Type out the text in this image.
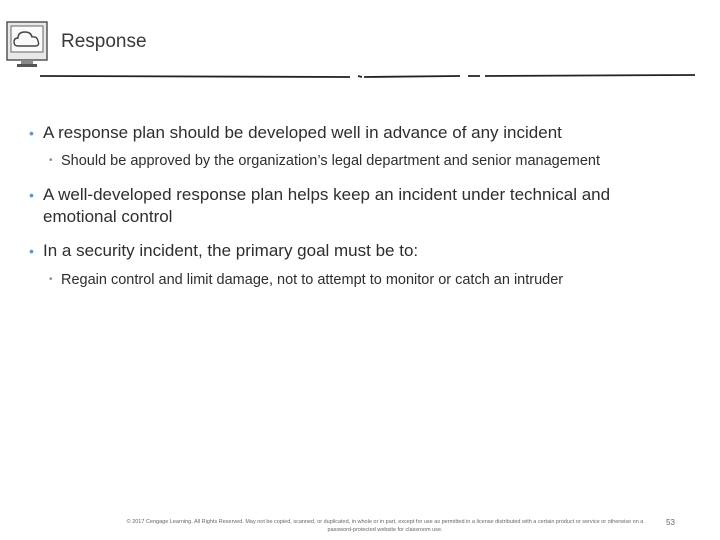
Response
• A response plan should be developed well in advance of any incident
• Should be approved by the organization’s legal department and senior management
• A well-developed response plan helps keep an incident under technical and emotional control
• In a security incident, the primary goal must be to:
• Regain control and limit damage, not to attempt to monitor or catch an intruder
© 2017 Cengage Learning. All Rights Reserved. May not be copied, scanned, or duplicated, in whole or in part, except for use as permitted in a license distributed with a certain product or service or otherwise on a password-protected website for classroom use.
53
